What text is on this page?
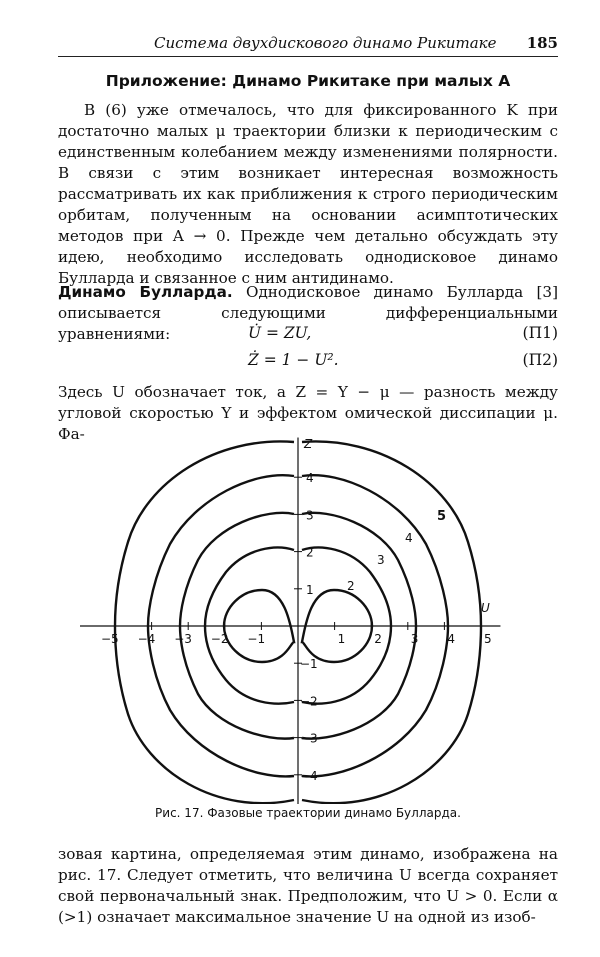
Система двухдискового динамо Рикитаке 185
Приложение: Динамо Рикитаке при малых A

В (6) уже отмечалось, что для фиксированного K при достаточно малых μ траектории близки к периодическим с единственным колебанием между изменениями полярности. В связи с этим возникает интересная возможность рассматривать их как приближения к строго периодическим орбитам, полученным на основании асимптотических методов при A → 0. Прежде чем детально обсуждать эту идею, необходимо исследовать однодисковое динамо Булларда и связанное с ним антидинамо.

Динамо Булларда. Однодисковое динамо Булларда [3] описывается следующими дифференциальными уравнениями:	U̇ = ZU,	(П1)
Ż = 1 − U².	(П2)

Здесь U обозначает ток, а Z = Y − μ — разность между угловой скоростью Y и эффектом омической диссипации μ. Фа-

−5 −4 −3 −2 −1	1 2 3 4 5
4
3
2
1
−1
−2
−3
−4
U
Z
2
3
4
5
Рис. 17. Фазовые траектории динамо Булларда.

зовая картина, определяемая этим динамо, изображена на рис. 17. Следует отметить, что величина U всегда сохраняет свой первоначальный знак. Предположим, что U > 0. Если α (>1) означает максимальное значение U на одной из изоб-
